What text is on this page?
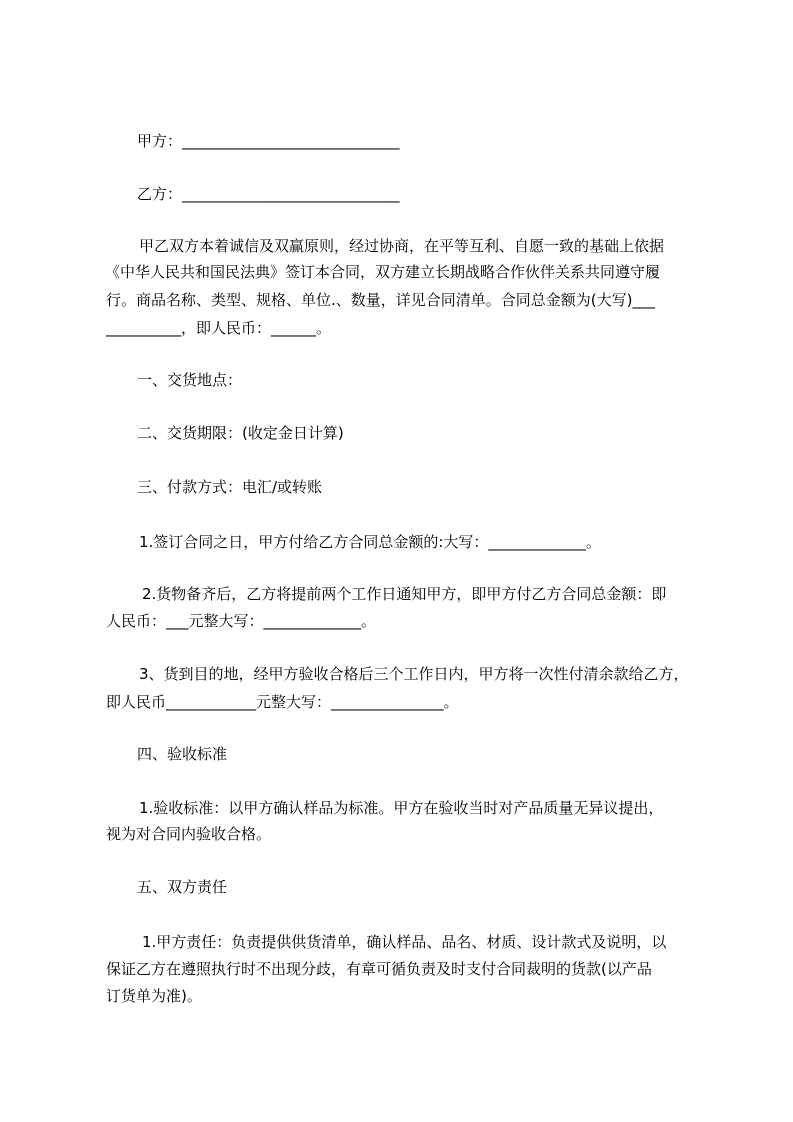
甲方：_____________________________
乙方：_____________________________
甲乙双方本着诚信及双赢原则，经过协商，在平等互利、自愿一致的基础上依据
《中华人民共和国民法典》签订本合同，双方建立长期战略合作伙伴关系共同遵守履
行。商品名称、类型、规格、单位.、数量，详见合同清单。合同总金额为(大写)___
__________，即人民币：______。
一、交货地点：
二、交货期限：(收定金日计算)
三、付款方式：电汇/或转账
1.签订合同之日，甲方付给乙方合同总金额的:大写：_____________。
2.货物备齐后，乙方将提前两个工作日通知甲方，即甲方付乙方合同总金额：即
人民币：___元整大写：_____________。
3、货到目的地，经甲方验收合格后三个工作日内，甲方将一次性付清余款给乙方，
即人民币____________元整大写：_______________。
四、验收标准
1.验收标准：以甲方确认样品为标准。甲方在验收当时对产品质量无异议提出，
视为对合同内验收合格。
五、双方责任
1.甲方责任：负责提供供货清单，确认样品、品名、材质、设计款式及说明，以
保证乙方在遵照执行时不出现分歧，有章可循负责及时支付合同裁明的货款(以产品
订货单为准)。
